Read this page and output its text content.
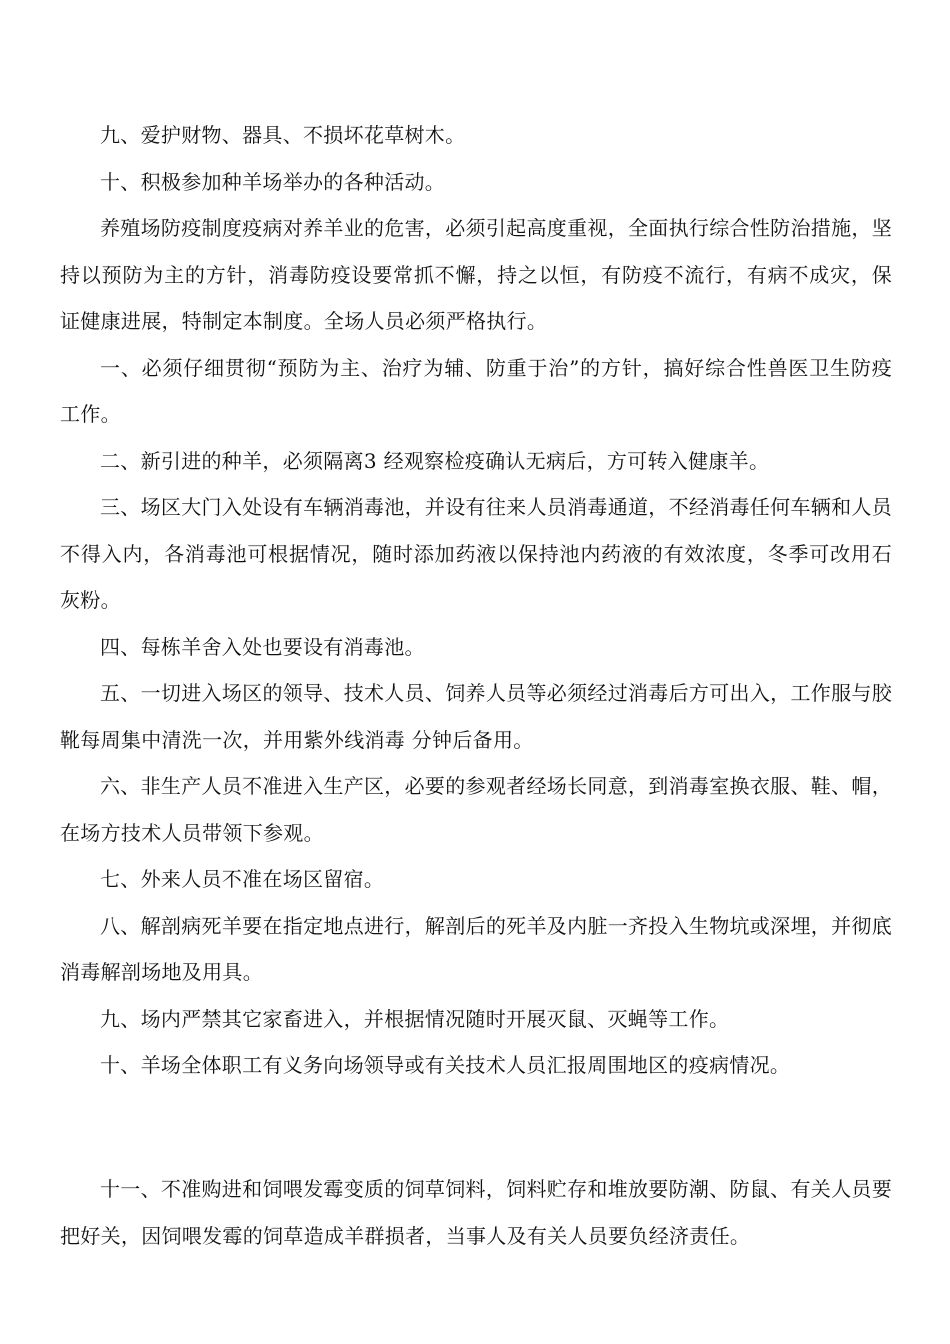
九、爱护财物、器具、不损坏花草树木。

十、积极参加种羊场举办的各种活动。

养殖场防疫制度疫病对养羊业的危害，必须引起高度重视，全面执行综合性防治措施，坚持以预防为主的方针，消毒防疫设要常抓不懈，持之以恒，有防疫不流行，有病不成灾，保证健康进展，特制定本制度。全场人员必须严格执行。

一、必须仔细贯彻“预防为主、治疗为辅、防重于治”的方针，搞好综合性兽医卫生防疫工作。

二、新引进的种羊，必须隔离3 经观察检疫确认无病后，方可转入健康羊。

三、场区大门入处设有车辆消毒池，并设有往来人员消毒通道，不经消毒任何车辆和人员不得入内，各消毒池可根据情况，随时添加药液以保持池内药液的有效浓度，冬季可改用石灰粉。

四、每栋羊舍入处也要设有消毒池。

五、一切进入场区的领导、技术人员、饲养人员等必须经过消毒后方可出入，工作服与胶靴每周集中清洗一次，并用紫外线消毒 分钟后备用。

六、非生产人员不准进入生产区，必要的参观者经场长同意，到消毒室换衣服、鞋、帽，在场方技术人员带领下参观。

七、外来人员不准在场区留宿。

八、解剖病死羊要在指定地点进行，解剖后的死羊及内脏一齐投入生物坑或深埋，并彻底消毒解剖场地及用具。

九、场内严禁其它家畜进入，并根据情况随时开展灭鼠、灭蝇等工作。

十、羊场全体职工有义务向场领导或有关技术人员汇报周围地区的疫病情况。

十一、不准购进和饲喂发霉变质的饲草饲料，饲料贮存和堆放要防潮、防鼠、有关人员要把好关，因饲喂发霉的饲草造成羊群损者，当事人及有关人员要负经济责任。
